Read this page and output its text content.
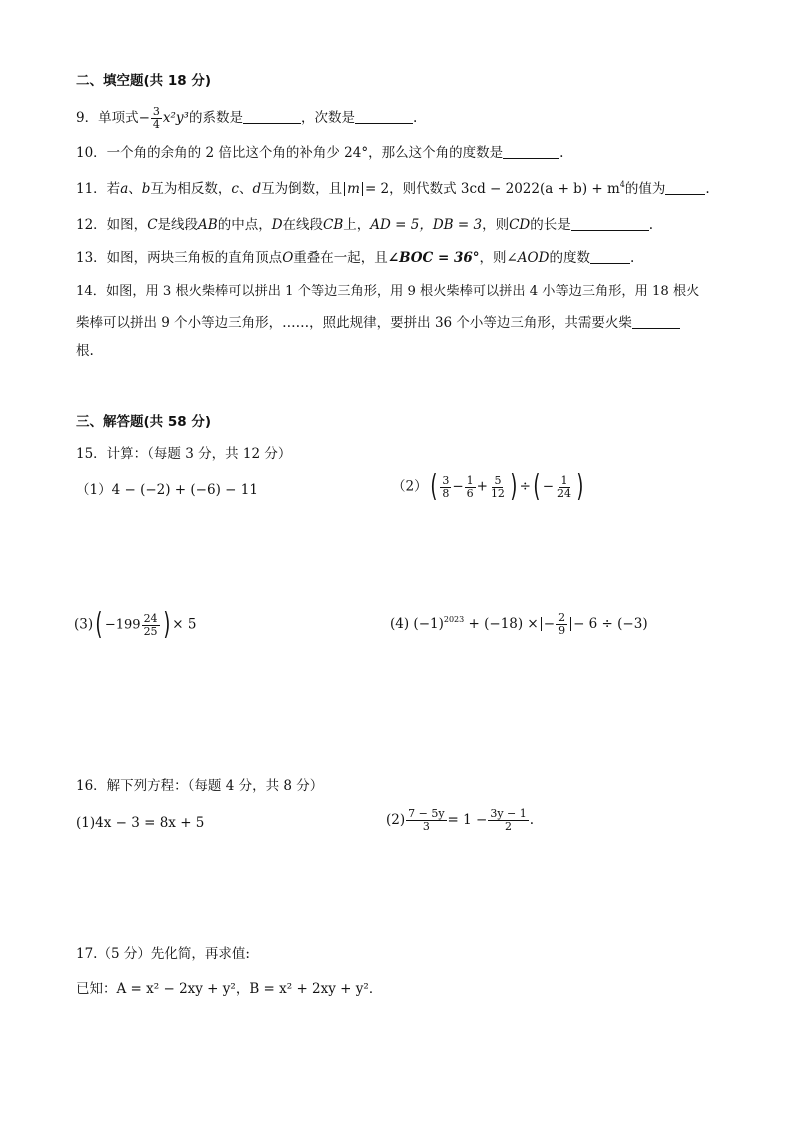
二、填空题(共 18 分)
9．单项式− $\frac{3}{4} x^2y^3$的系数是	，次数是	.
10．一个角的余角的 2 倍比这个角的补角少 24°，那么这个角的度数是	.
11．若a、b互为相反数，c、d互为倒数，且 m = 2，则代数式 $3cd - 2022(a + b) + m^4$的值为	.
12．如图，C是线段AB的中点，D在线段CB上，AD = 5，DB = 3，则CD的长是	.
13．如图，两块三角板的直角顶点O重叠在一起，且∠BOC = 36°，则∠AOD的度数	.
14．如图，用 3 根火柴棒可以拼出 1 个等边三角形，用 9 根火柴棒可以拼出 4 小等边三角形，用 18 根火
柴棒可以拼出 9 个小等边三角形，……，照此规律，要拼出 36 个小等边三角形，共需要火柴
根.
三、解答题(共 58 分)
15．计算：（每题 3 分，共 12 分）
（1）4 − (−2) + (−6) − 11	$(2)( \frac{3}{8} - \frac{1}{6} + \frac{5}{12}$ ) ÷( − $\frac{1}{24}$ )
$(3)( -199 \frac{24}{25}$ ) × 5	(4) $(-1)^{2023} + (-18)$ × − $\frac{2}{9} - 6 \div (-3)$
16．解下列方程：（每题 4 分，共 8 分）
(1)4x − 3 = 8x + 5	$(2) \frac{7 - 5y}{3} = 1 - \frac{3y - 1}{2}$ .
17.（5 分）先化简，再求值:
已知：A = x² − 2xy + y²，B = x² + 2xy + y²．
